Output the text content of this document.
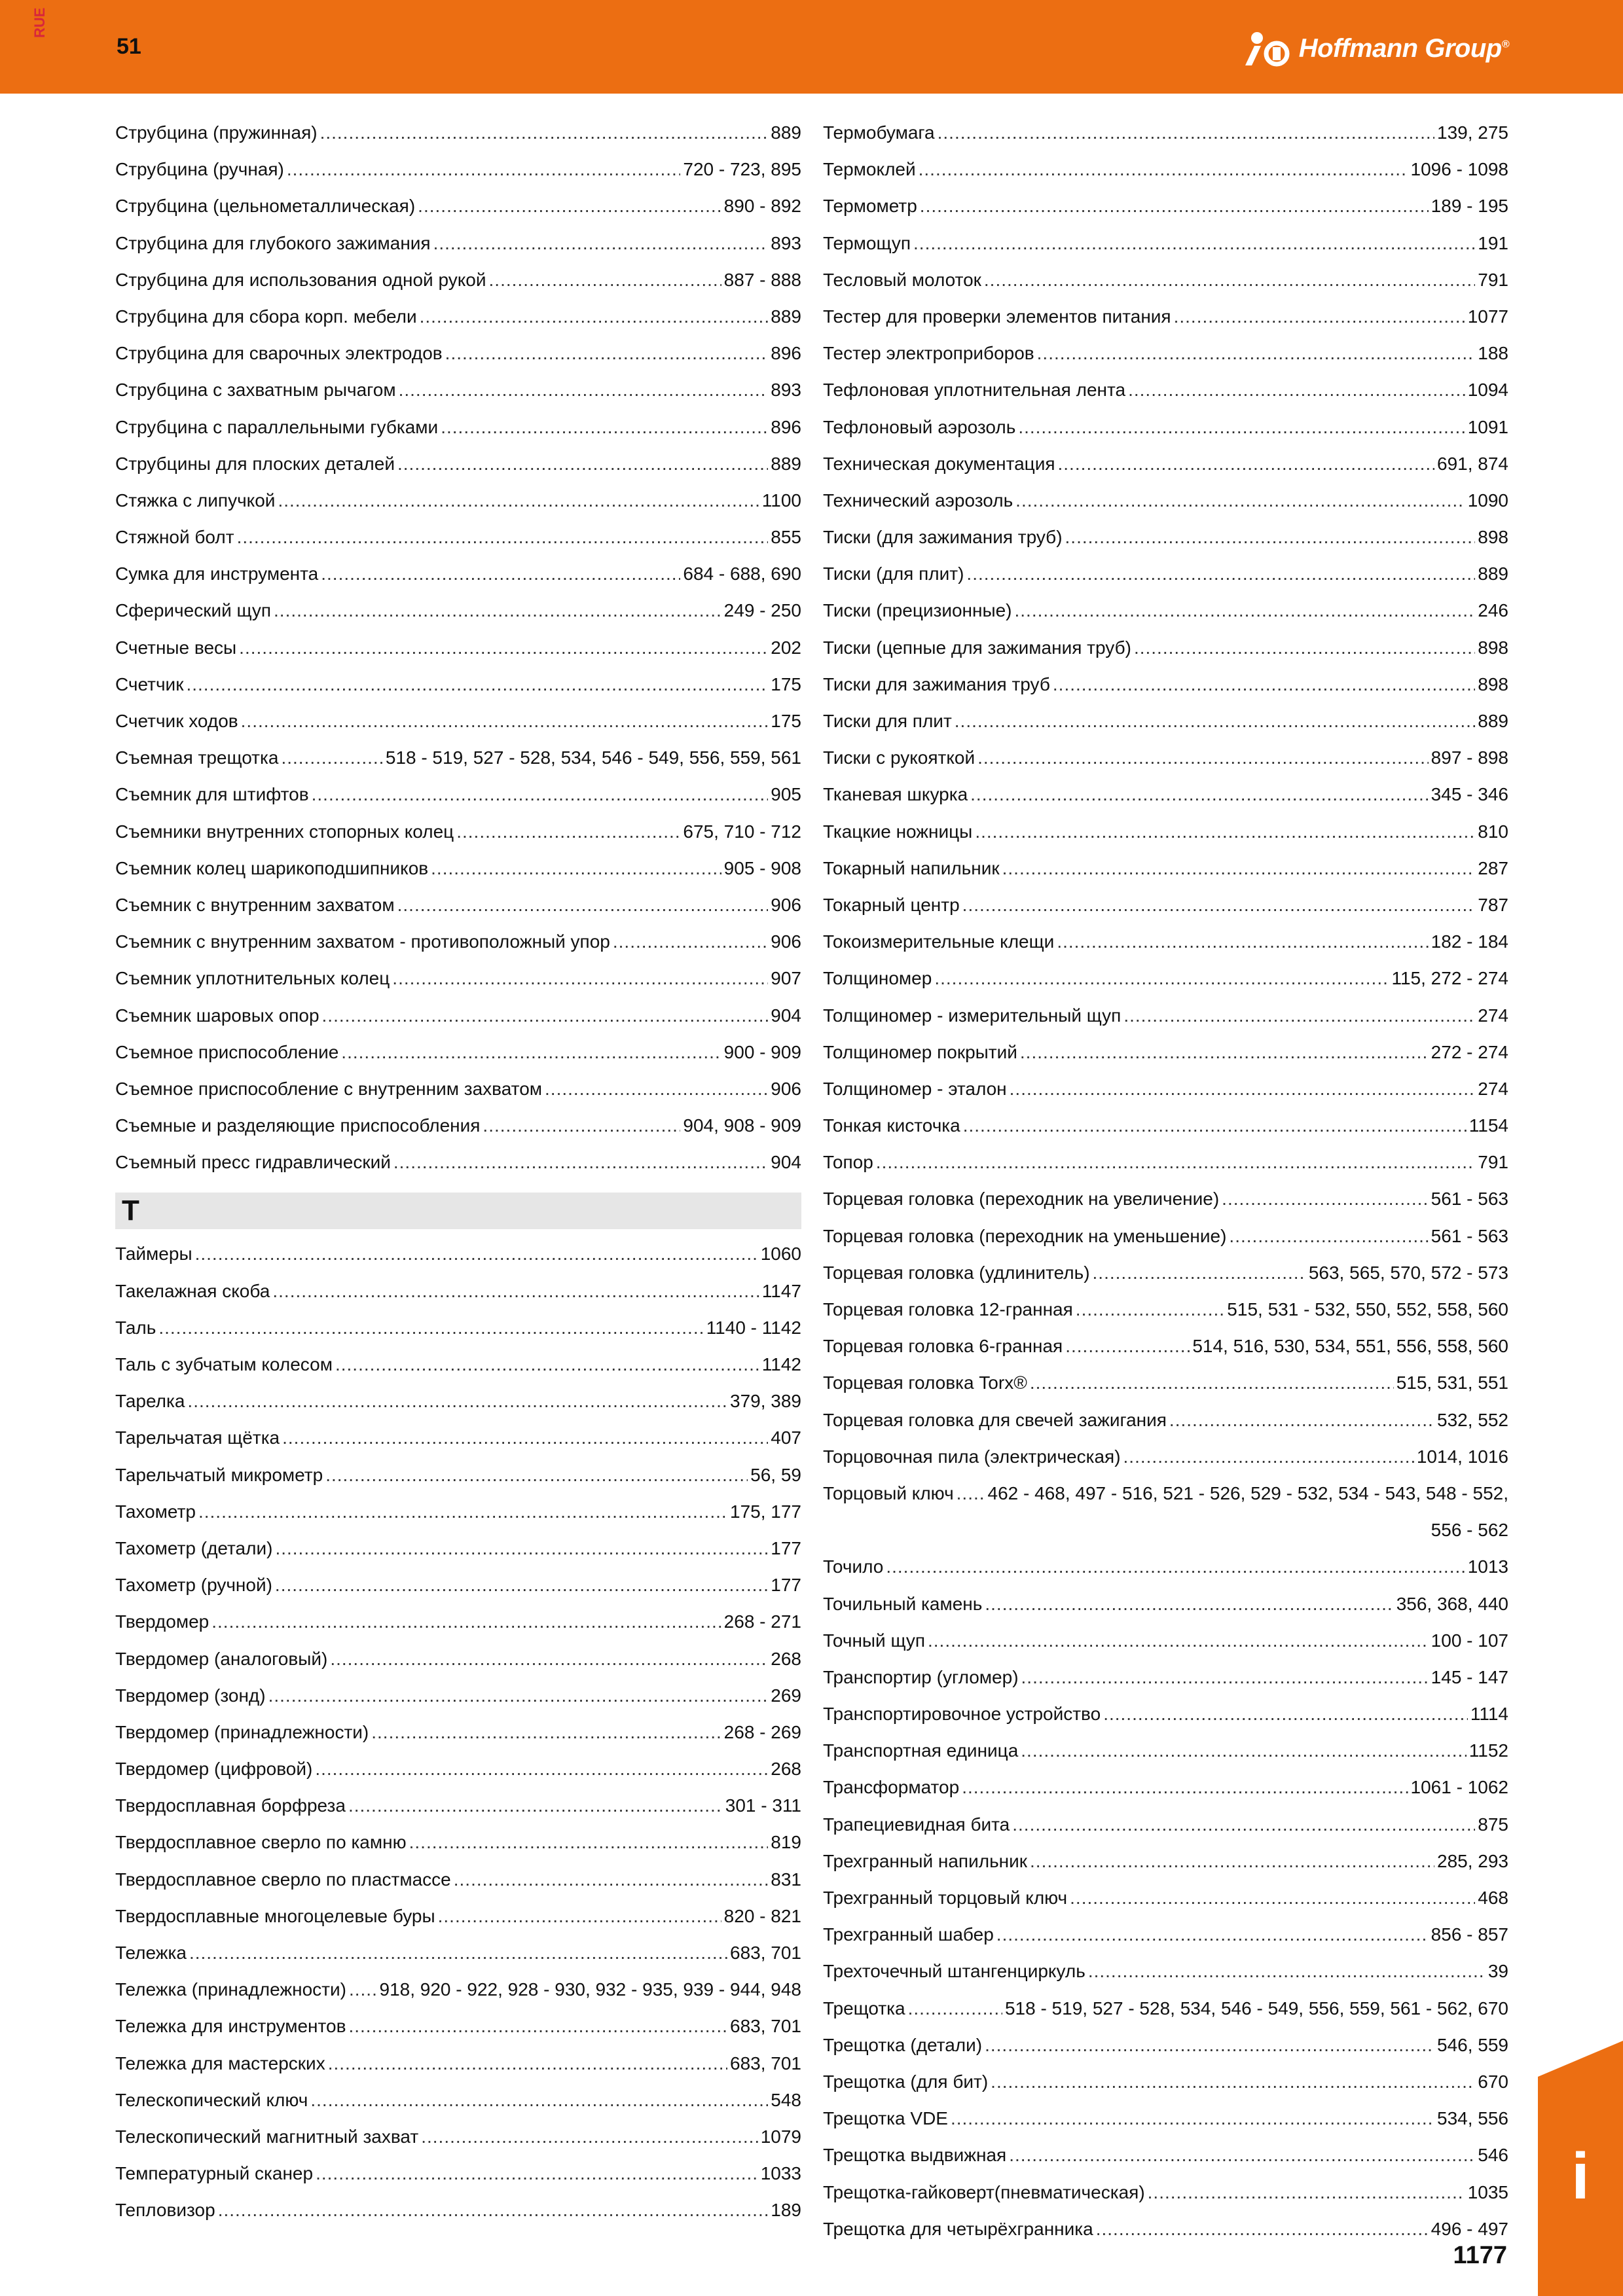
RUE
51	Hoffmann Group®
Струбцина (пружинная) .....	889
Струбцина (ручная) .....	720 - 723, 895
Струбцина (цельнометаллическая) .....	890 - 892
Струбцина для глубокого зажимания .....	893
Струбцина для использования одной рукой .....	887 - 888
Струбцина для сбора корп. мебели .....	889
Струбцина для сварочных электродов .....	896
Струбцина с захватным рычагом .....	893
Струбцина с параллельными губками .....	896
Струбцины для плоских деталей .....	889
Стяжка с липучкой .....	1100
Стяжной болт .....	855
Сумка для инструмента .....	684 - 688, 690
Сферический щуп .....	249 - 250
Счетные весы .....	202
Счетчик .....	175
Счетчик ходов .....	175
Съемная трещотка .....	518 - 519, 527 - 528, 534, 546 - 549, 556, 559, 561
Съемник для штифтов .....	905
Съемники внутренних стопорных колец .....	675, 710 - 712
Съемник колец шарикоподшипников .....	905 - 908
Съемник с внутренним захватом .....	906
Съемник с внутренним захватом - противоположный упор .....	906
Съемник уплотнительных колец .....	907
Съемник шаровых опор .....	904
Съемное приспособление .....	900 - 909
Съемное приспособление с внутренним захватом .....	906
Съемные и разделяющие приспособления .....	904, 908 - 909
Съемный пресс гидравлический .....	904
Т
Таймеры .....	1060
Такелажная скоба .....	1147
Таль .....	1140 - 1142
Таль с зубчатым колесом .....	1142
Тарелка .....	379, 389
Тарельчатая щётка .....	407
Тарельчатый микрометр .....	56, 59
Тахометр .....	175, 177
Тахометр (детали) .....	177
Тахометр (ручной) .....	177
Твердомер .....	268 - 271
Твердомер (аналоговый) .....	268
Твердомер (зонд) .....	269
Твердомер (принадлежности) .....	268 - 269
Твердомер (цифровой) .....	268
Твердосплавная борфреза .....	301 - 311
Твердосплавное сверло по камню .....	819
Твердосплавное сверло по пластмассе .....	831
Твердосплавные многоцелевые буры .....	820 - 821
Тележка .....	683, 701
Тележка (принадлежности) ..... 918, 920 - 922, 928 - 930, 932 - 935, 939 - 944, 948
Тележка для инструментов .....	683, 701
Тележка для мастерских .....	683, 701
Телескопический ключ .....	548
Телескопический магнитный захват .....	1079
Температурный сканер .....	1033
Тепловизор .....	189
Термобумага .....	139, 275
Термоклей .....	1096 - 1098
Термометр .....	189 - 195
Термощуп .....	191
Тесловый молоток .....	791
Тестер для проверки элементов питания .....	1077
Тестер электроприборов .....	188
Тефлоновая уплотнительная лента .....	1094
Тефлоновый аэрозоль .....	1091
Техническая документация .....	691, 874
Технический аэрозоль .....	1090
Тиски (для зажимания труб) .....	898
Тиски (для плит) .....	889
Тиски (прецизионные) .....	246
Тиски (цепные для зажимания труб) .....	898
Тиски для зажимания труб .....	898
Тиски для плит .....	889
Тиски с рукояткой .....	897 - 898
Тканевая шкурка .....	345 - 346
Ткацкие ножницы .....	810
Токарный напильник .....	287
Токарный центр .....	787
Токоизмерительные клещи .....	182 - 184
Толщиномер .....	115, 272 - 274
Толщиномер - измерительный щуп .....	274
Толщиномер покрытий .....	272 - 274
Толщиномер - эталон .....	274
Тонкая кисточка .....	1154
Топор .....	791
Торцевая головка (переходник на увеличение) .....	561 - 563
Торцевая головка (переходник на уменьшение) .....	561 - 563
Торцевая головка (удлинитель) .....	563, 565, 570, 572 - 573
Торцевая головка 12-гранная .....	515, 531 - 532, 550, 552, 558, 560
Торцевая головка 6-гранная .....	514, 516, 530, 534, 551, 556, 558, 560
Торцевая головка Torx® .....	515, 531, 551
Торцевая головка для свечей зажигания .....	532, 552
Торцовочная пила (электрическая) .....	1014, 1016
Торцовый ключ ..... 462 - 468, 497 - 516, 521 - 526, 529 - 532, 534 - 543, 548 - 552,
556 - 562
Точило .....	1013
Точильный камень .....	356, 368, 440
Точный щуп .....	100 - 107
Транспортир (угломер) .....	145 - 147
Транспортировочное устройство .....	1114
Транспортная единица .....	1152
Трансформатор .....	1061 - 1062
Трапециевидная бита .....	875
Трехгранный напильник .....	285, 293
Трехгранный торцовый ключ .....	468
Трехгранный шабер .....	856 - 857
Трехточечный штангенциркуль .....	39
Трещотка .....	518 - 519, 527 - 528, 534, 546 - 549, 556, 559, 561 - 562, 670
Трещотка (детали) .....	546, 559
Трещотка (для бит) .....	670
Трещотка VDE .....	534, 556
Трещотка выдвижная .....	546
Трещотка-гайковерт(пневматическая) .....	1035
Трещотка для четырёхгранника .....	496 - 497
i
1177
